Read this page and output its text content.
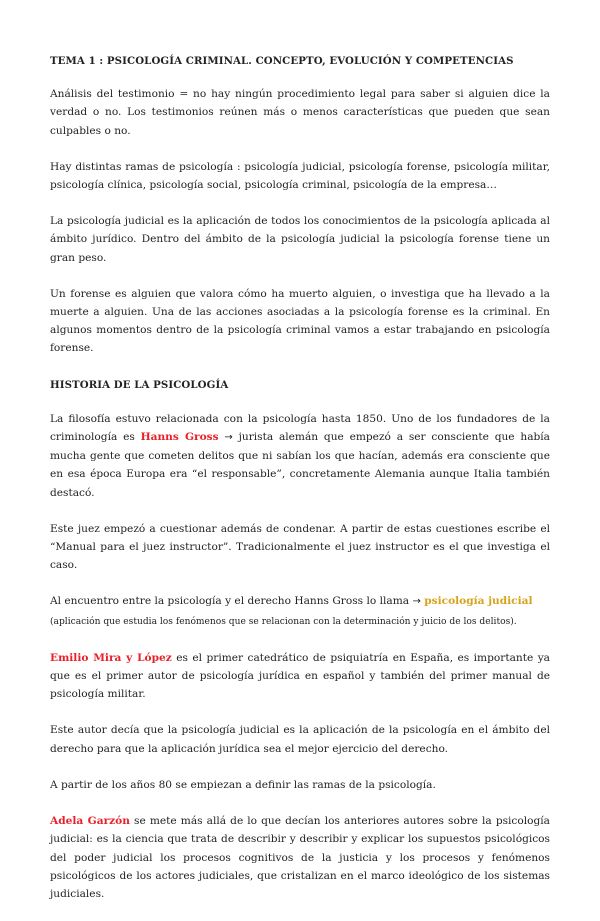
TEMA 1 : PSICOLOGÍA CRIMINAL. CONCEPTO, EVOLUCIÓN Y COMPETENCIAS

Análisis del testimonio = no hay ningún procedimiento legal para saber si alguien dice la verdad o no. Los testimonios reúnen más o menos características que pueden que sean culpables o no.

Hay distintas ramas de psicología : psicología judicial, psicología forense, psicología militar, psicología clínica, psicología social, psicología criminal, psicología de la empresa…

La psicología judicial es la aplicación de todos los conocimientos de la psicología aplicada al ámbito jurídico. Dentro del ámbito de la psicología judicial la psicología forense tiene un gran peso.

Un forense es alguien que valora cómo ha muerto alguien, o investiga que ha llevado a la muerte a alguien. Una de las acciones asociadas a la psicología forense es la criminal. En algunos momentos dentro de la psicología criminal vamos a estar trabajando en psicología forense.

HISTORIA DE LA PSICOLOGÍA

La filosofía estuvo relacionada con la psicología hasta 1850. Uno de los fundadores de la criminología es Hanns Gross → jurista alemán que empezó a ser consciente que había mucha gente que cometen delitos que ni sabían los que hacían, además era consciente que en esa época Europa era “el responsable”, concretamente Alemania aunque Italia también destacó.

Este juez empezó a cuestionar además de condenar. A partir de estas cuestiones escribe el “Manual para el juez instructor”. Tradicionalmente el juez instructor es el que investiga el caso.

Al encuentro entre la psicología y el derecho Hanns Gross lo llama → psicología judicial
(aplicación que estudia los fenómenos que se relacionan con la determinación y juicio de los delitos).

Emilio Mira y López es el primer catedrático de psiquiatría en España, es importante ya que es el primer autor de psicología jurídica en español y también del primer manual de psicología militar.

Este autor decía que la psicología judicial es la aplicación de la psicología en el ámbito del derecho para que la aplicación jurídica sea el mejor ejercicio del derecho.

A partir de los años 80 se empiezan a definir las ramas de la psicología.

Adela Garzón se mete más allá de lo que decían los anteriores autores sobre la psicología judicial: es la ciencia que trata de describir y describir y explicar los supuestos psicológicos del poder judicial los procesos cognitivos de la justicia y los procesos y fenómenos psicológicos de los actores judiciales, que cristalizan en el marco ideológico de los sistemas judiciales.
